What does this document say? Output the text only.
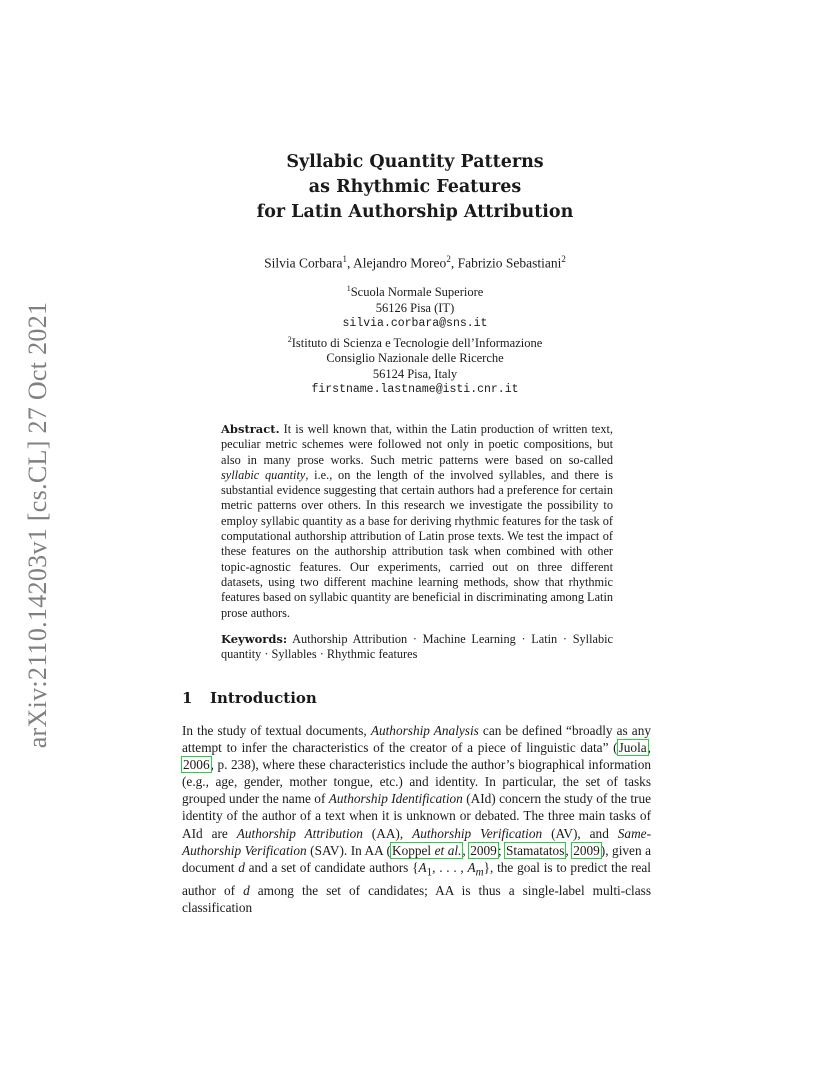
arXiv:2110.14203v1 [cs.CL] 27 Oct 2021
Syllabic Quantity Patterns
as Rhythmic Features
for Latin Authorship Attribution
Silvia Corbara$^1$, Alejandro Moreo$^2$, Fabrizio Sebastiani$^2$
$^1$Scuola Normale Superiore
56126 Pisa (IT)
silvia.corbara@sns.it
$^2$Istituto di Scienza e Tecnologie dell’Informazione
Consiglio Nazionale delle Ricerche
56124 Pisa, Italy
firstname.lastname@isti.cnr.it
Abstract. It is well known that, within the Latin production of written text, peculiar metric schemes were followed not only in poetic compositions, but also in many prose works. Such metric patterns were based on so-called syllabic quantity, i.e., on the length of the involved syllables, and there is substantial evidence suggesting that certain authors had a preference for certain metric patterns over others. In this research we investigate the possibility to employ syllabic quantity as a base for deriving rhythmic features for the task of computational authorship attribution of Latin prose texts. We test the impact of these features on the authorship attribution task when combined with other topic-agnostic features. Our experiments, carried out on three different datasets, using two different machine learning methods, show that rhythmic features based on syllabic quantity are beneficial in discriminating among Latin prose authors.
Keywords: Authorship Attribution · Machine Learning · Latin · Syllabic quantity · Syllables · Rhythmic features
1 Introduction
In the study of textual documents, Authorship Analysis can be defined “broadly as any attempt to infer the characteristics of the creator of a piece of linguistic data” (Juola, 2006, p. 238), where these characteristics include the author’s biographical information (e.g., age, gender, mother tongue, etc.) and identity. In particular, the set of tasks grouped under the name of Authorship Identification (AId) concern the study of the true identity of the author of a text when it is unknown or debated. The three main tasks of AId are Authorship Attribution (AA), Authorship Verification (AV), and Same-Authorship Verification (SAV). In AA (Koppel et al., 2009; Stamatatos, 2009), given a document d and a set of candidate authors {$A_1$, . . . , $A_m$}, the goal is to predict the real author of d among the set of candidates; AA is thus a single-label multi-class classification
